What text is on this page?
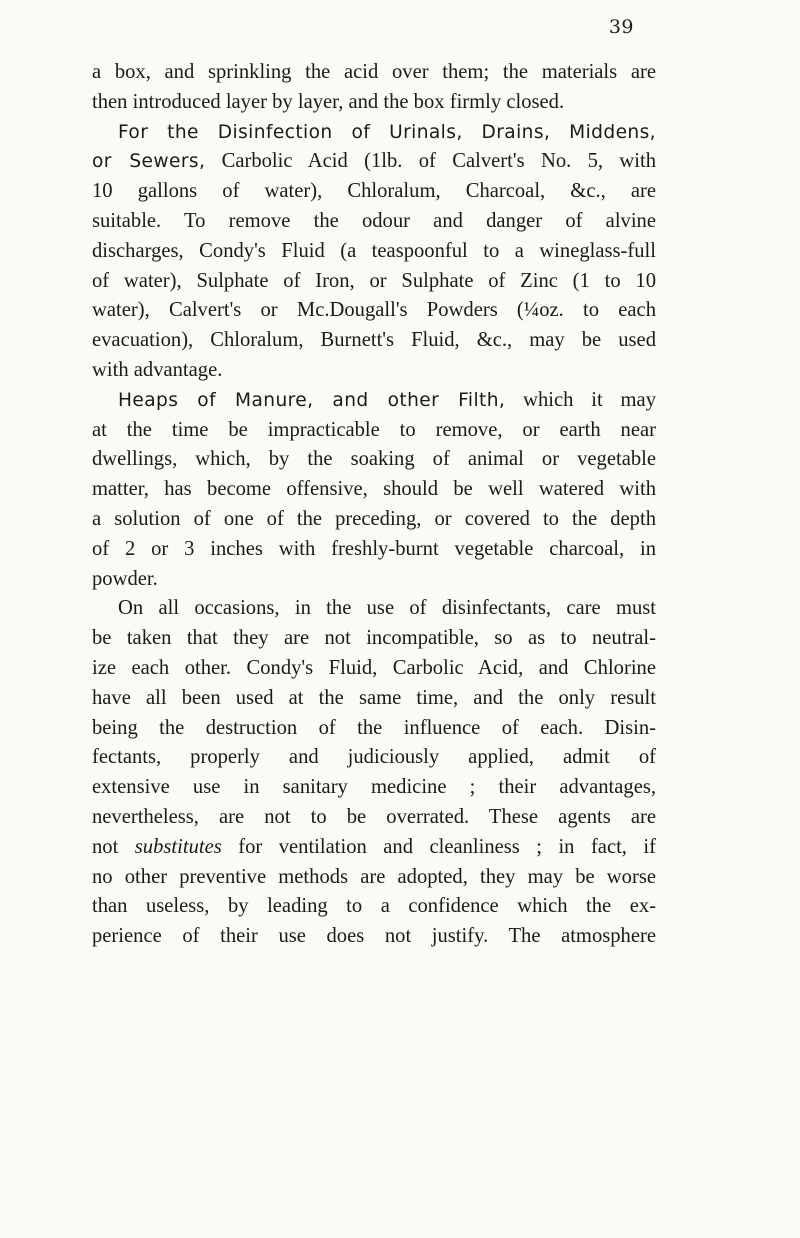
39
a box, and sprinkling the acid over them; the materials are
then introduced layer by layer, and the box firmly closed.
For the Disinfection of Urinals, Drains, Middens,
or Sewers, Carbolic Acid (1lb. of Calvert's No. 5, with
10 gallons of water), Chloralum, Charcoal, &c., are
suitable. To remove the odour and danger of alvine
discharges, Condy's Fluid (a teaspoonful to a wineglass-full
of water), Sulphate of Iron, or Sulphate of Zinc (1 to 10
water), Calvert's or Mc.Dougall's Powders (¼oz. to each
evacuation), Chloralum, Burnett's Fluid, &c., may be used
with advantage.
Heaps of Manure, and other Filth, which it may
at the time be impracticable to remove, or earth near
dwellings, which, by the soaking of animal or vegetable
matter, has become offensive, should be well watered with
a solution of one of the preceding, or covered to the depth
of 2 or 3 inches with freshly-burnt vegetable charcoal, in
powder.
On all occasions, in the use of disinfectants, care must
be taken that they are not incompatible, so as to neutral-
ize each other. Condy's Fluid, Carbolic Acid, and Chlorine
have all been used at the same time, and the only result
being the destruction of the influence of each. Disin-
fectants, properly and judiciously applied, admit of
extensive use in sanitary medicine ; their advantages,
nevertheless, are not to be overrated. These agents are
not substitutes for ventilation and cleanliness ; in fact, if
no other preventive methods are adopted, they may be worse
than useless, by leading to a confidence which the ex-
perience of their use does not justify. The atmosphere
